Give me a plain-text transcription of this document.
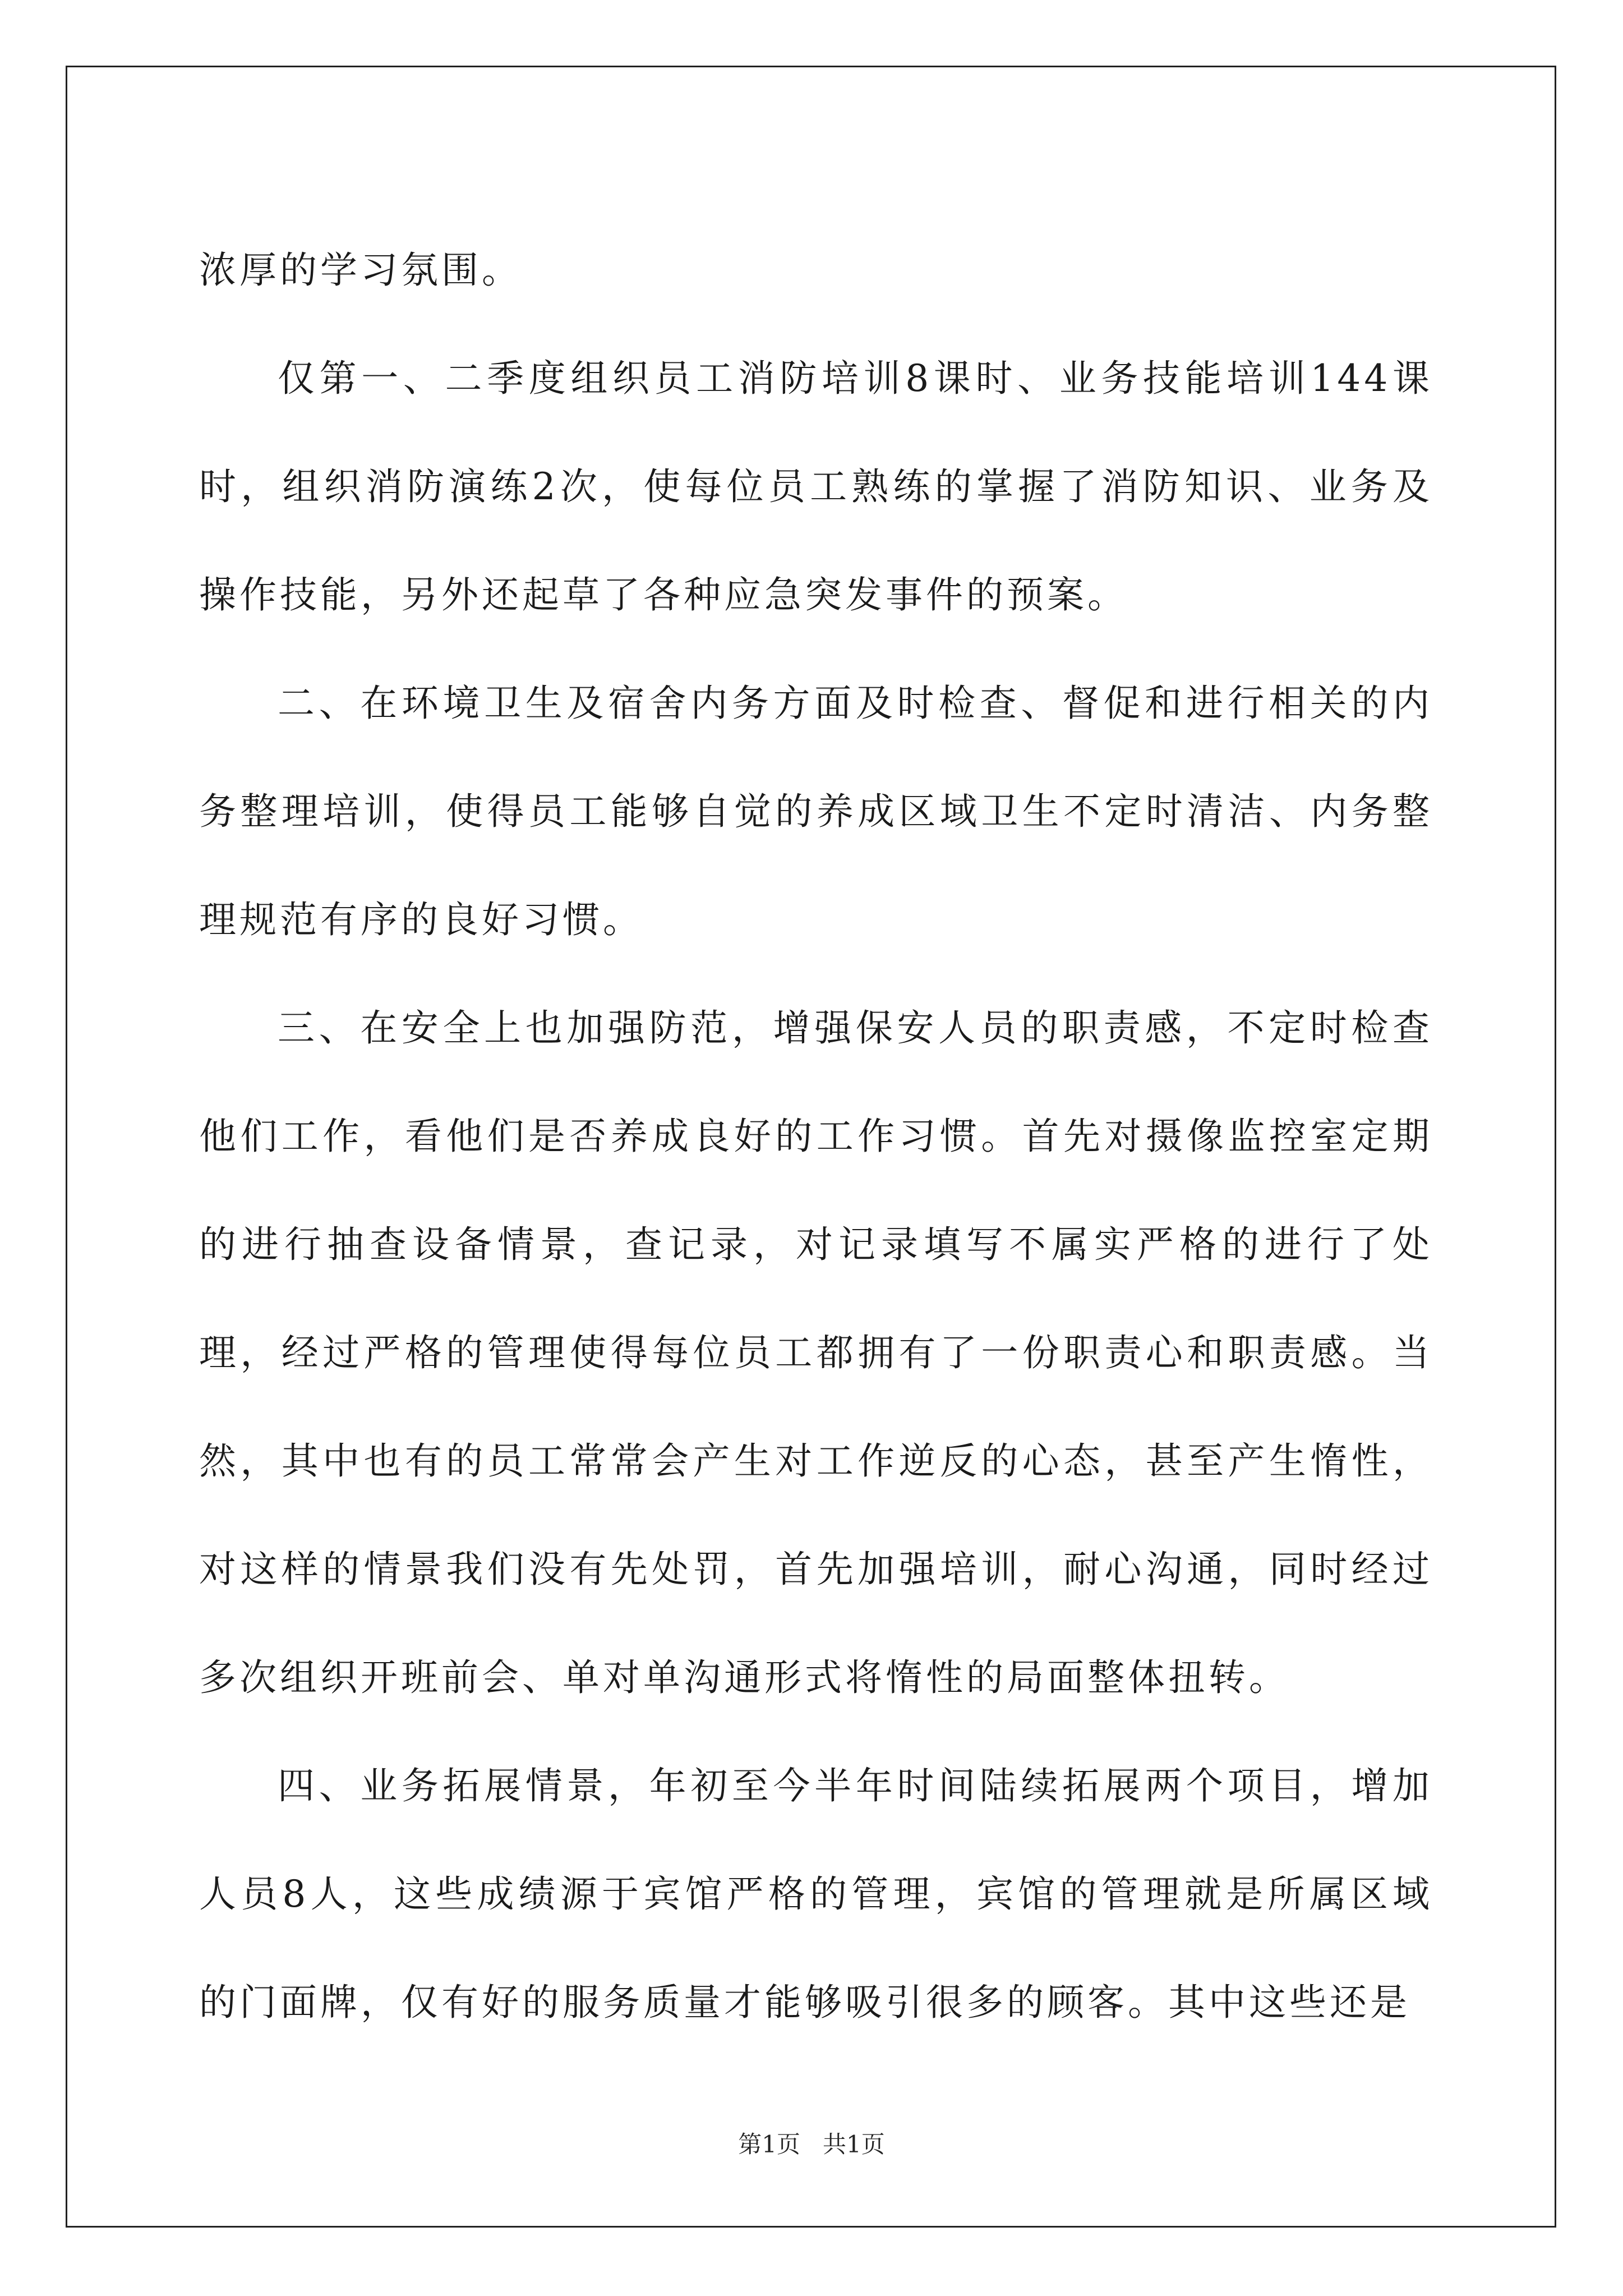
浓厚的学习氛围。

仅第一、二季度组织员工消防培训8课时、业务技能培训144课时，组织消防演练2次，使每位员工熟练的掌握了消防知识、业务及操作技能，另外还起草了各种应急突发事件的预案。

二、在环境卫生及宿舍内务方面及时检查、督促和进行相关的内务整理培训，使得员工能够自觉的养成区域卫生不定时清洁、内务整理规范有序的良好习惯。

三、在安全上也加强防范，增强保安人员的职责感，不定时检查他们工作，看他们是否养成良好的工作习惯。首先对摄像监控室定期的进行抽查设备情景，查记录，对记录填写不属实严格的进行了处理，经过严格的管理使得每位员工都拥有了一份职责心和职责感。当然，其中也有的员工常常会产生对工作逆反的心态，甚至产生惰性，对这样的情景我们没有先处罚，首先加强培训，耐心沟通，同时经过多次组织开班前会、单对单沟通形式将惰性的局面整体扭转。

四、业务拓展情景，年初至今半年时间陆续拓展两个项目，增加人员8人，这些成绩源于宾馆严格的管理，宾馆的管理就是所属区域的门面牌，仅有好的服务质量才能够吸引很多的顾客。其中这些还是

第1页   共1页
